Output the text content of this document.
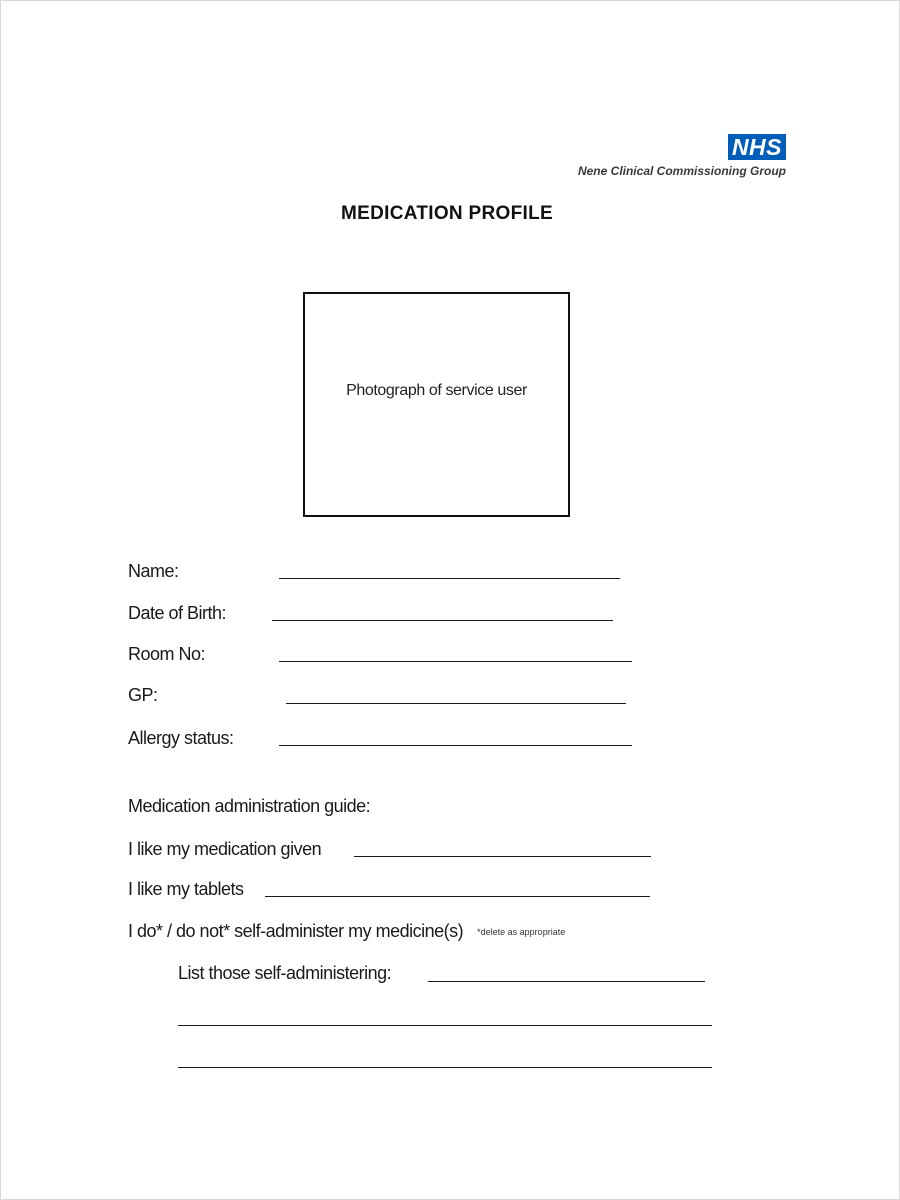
NHS
Nene Clinical Commissioning Group
MEDICATION PROFILE
Photograph of service user
Name:
Date of Birth:
Room No:
GP:
Allergy status:
Medication administration guide:
I like my medication given
I like my tablets
I do* / do not* self-administer my medicine(s) *delete as appropriate
List those self-administering:
